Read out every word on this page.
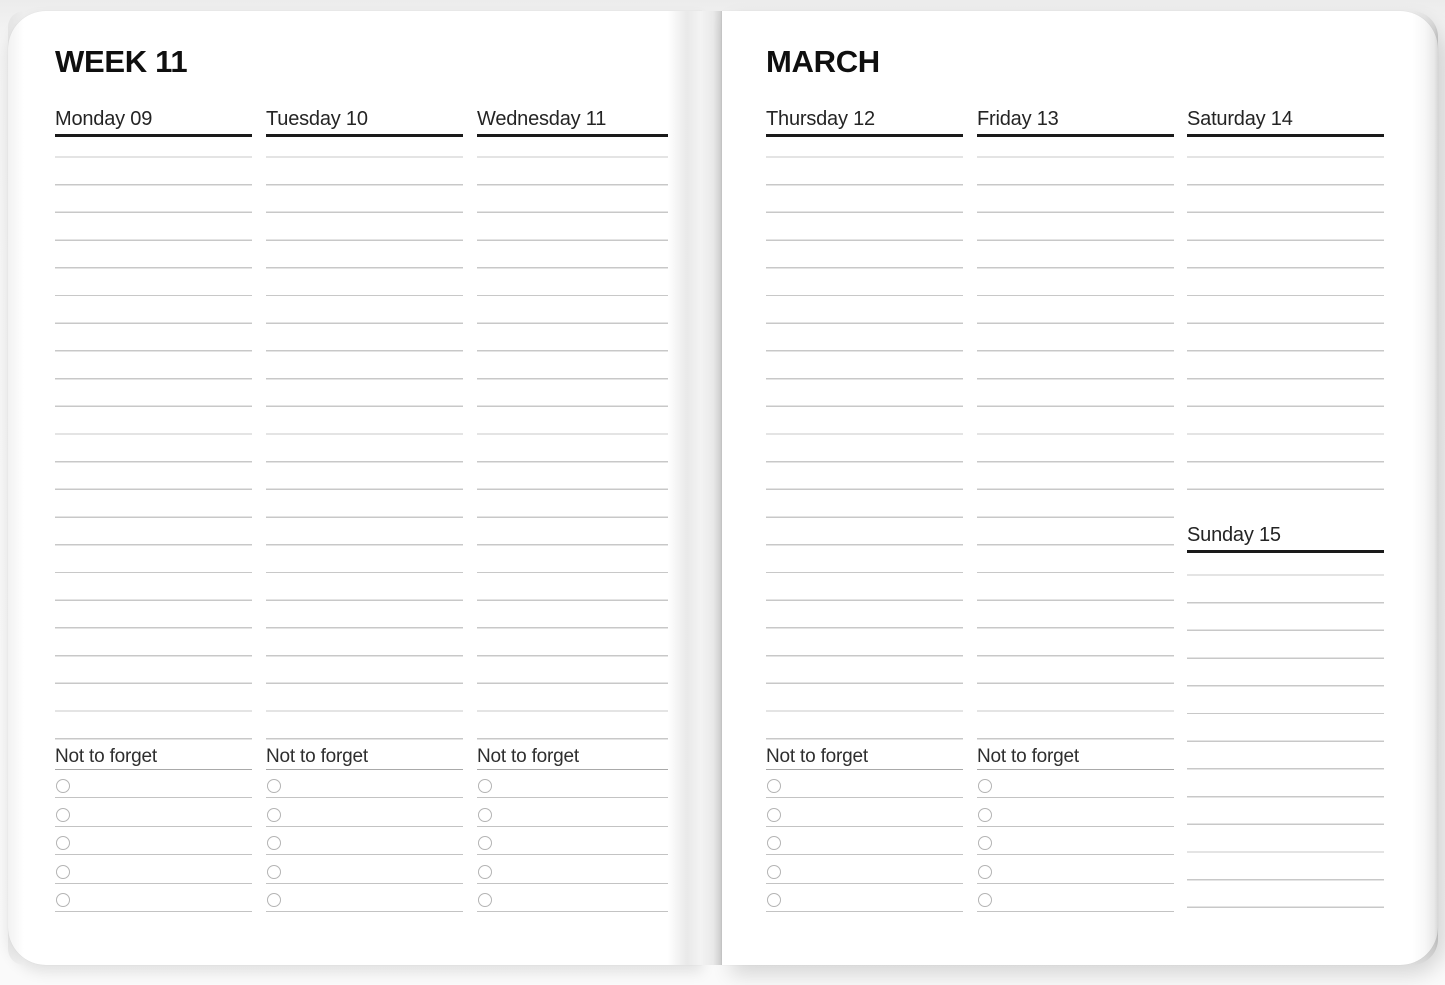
WEEK 11
Monday 09
Not to forget
Tuesday 10
Not to forget
Wednesday 11
Not to forget
MARCH
Thursday 12
Not to forget
Friday 13
Not to forget
Saturday 14
Sunday 15
